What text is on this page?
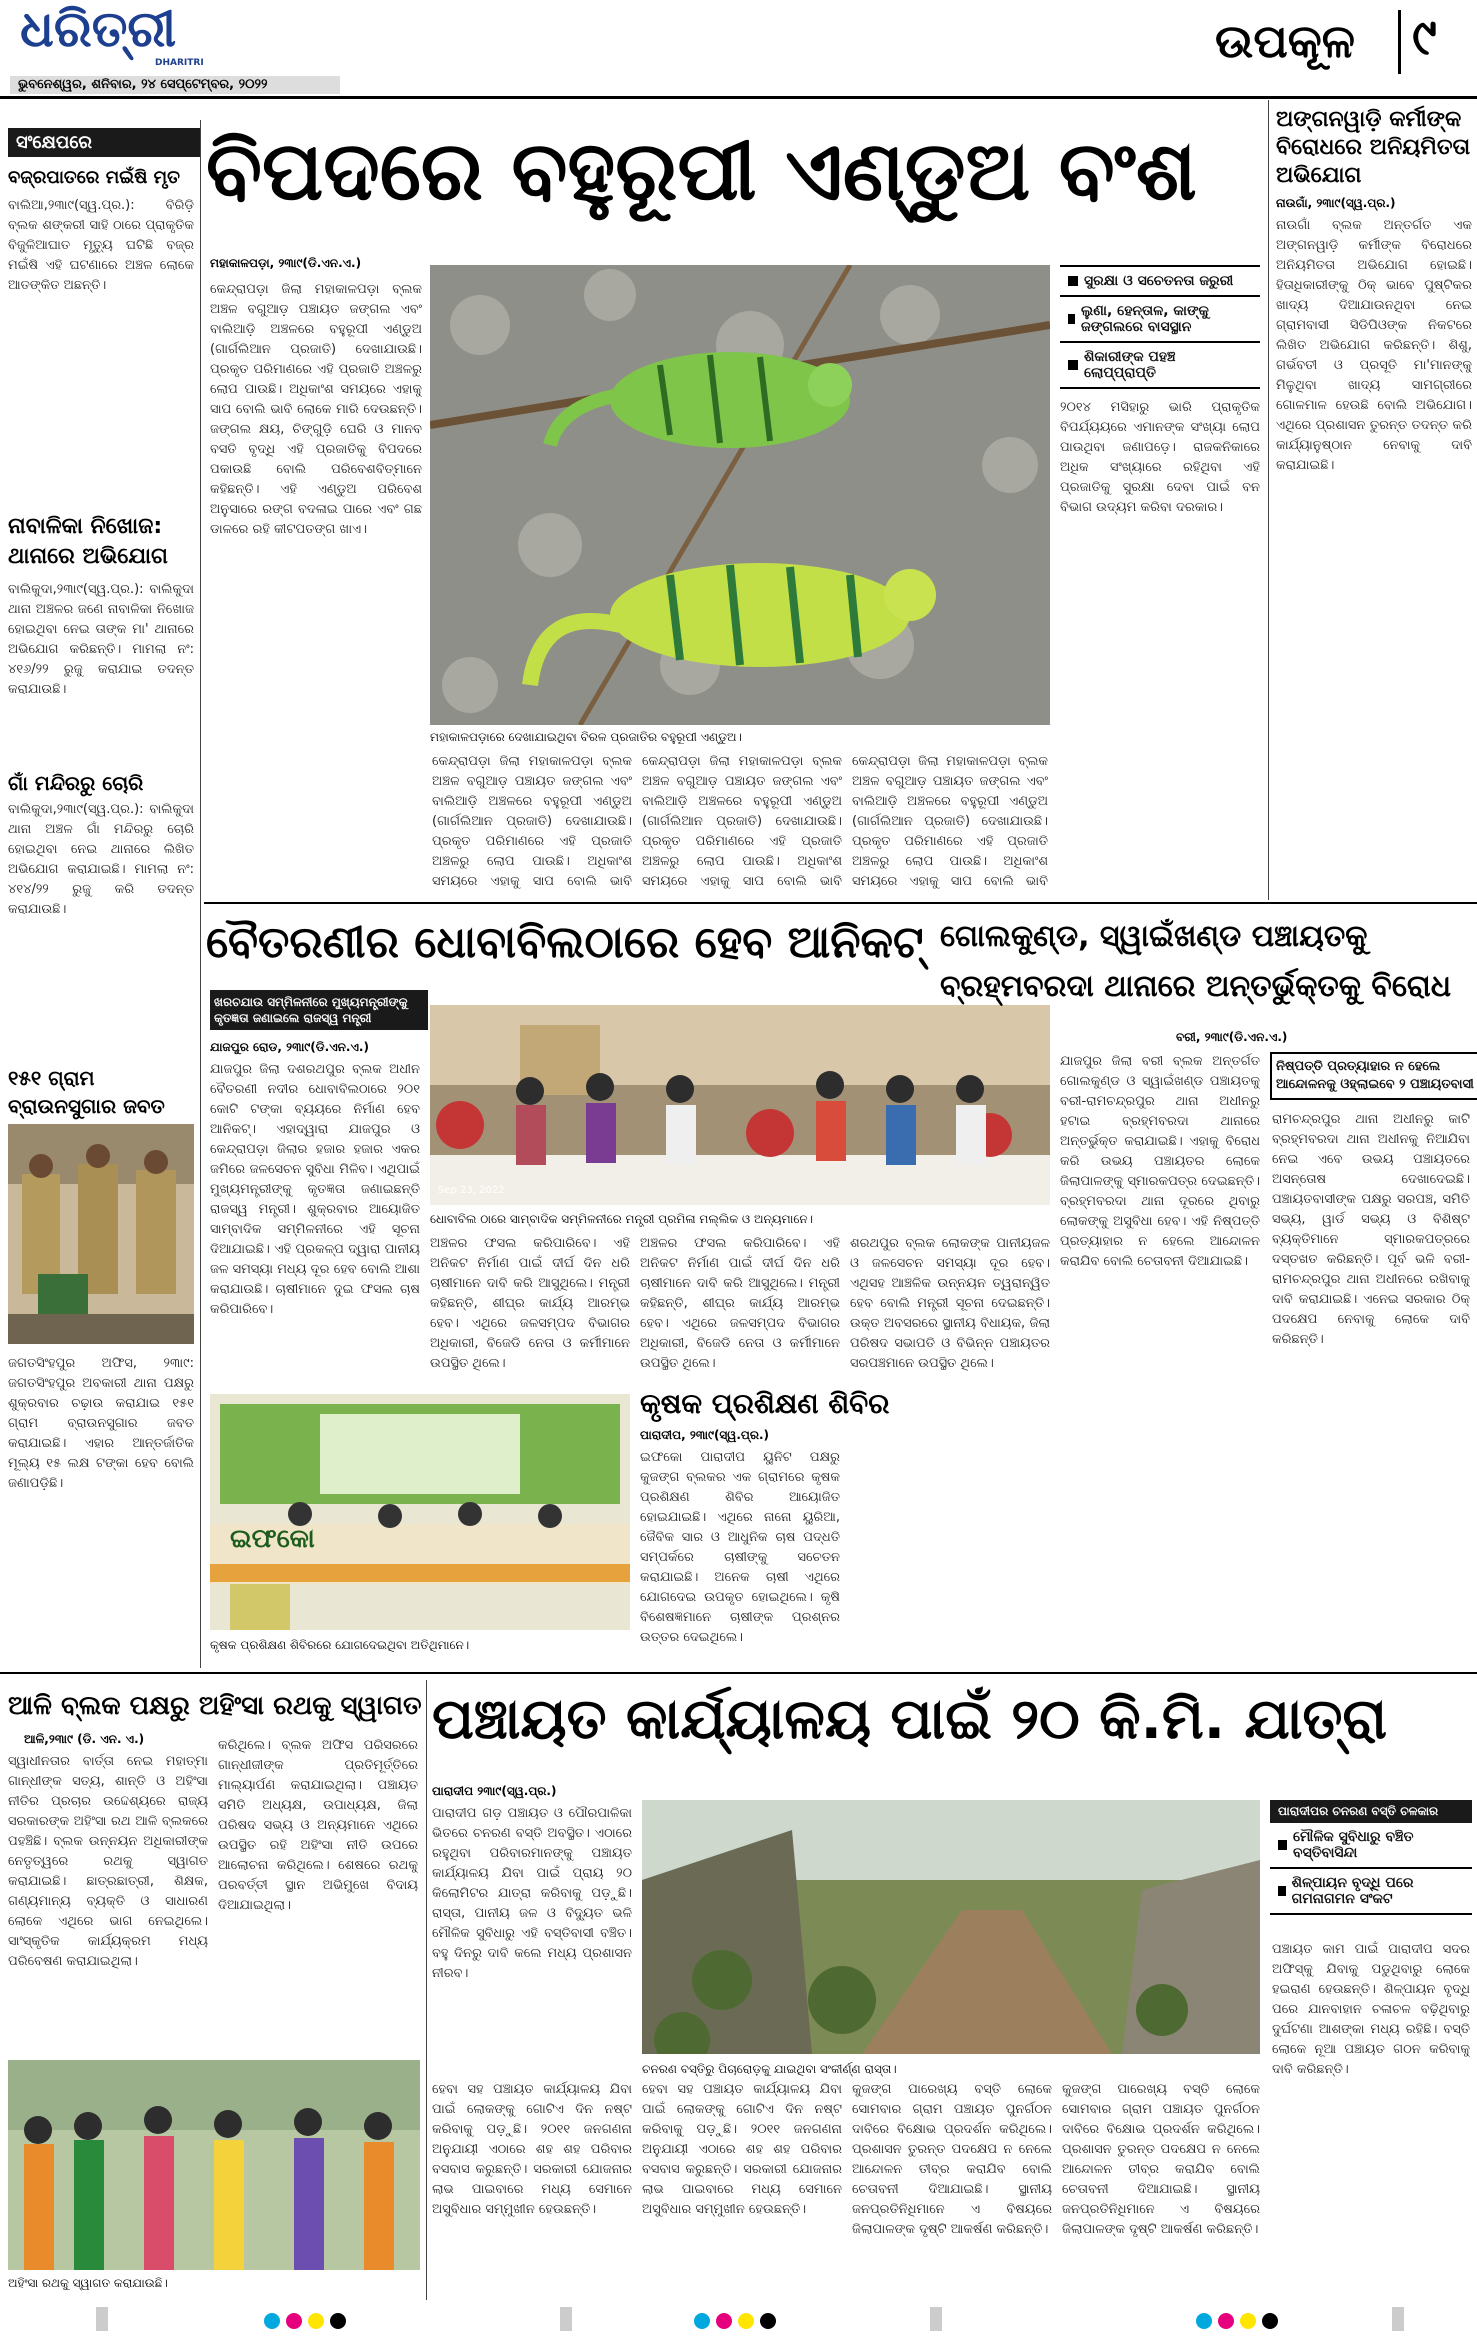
ଧରିତ୍ରୀ
DHARITRI
ଭୁବନେଶ୍ୱର, ଶନିବାର, ୨୪ ସେପ୍ଟେମ୍ବର, ୨୦୨୨
ଉପକୂଳ ୯
ସଂକ୍ଷେପରେ
ବଜ୍ରପାତରେ ମଇଁଷି ମୃତ
ବାଲିଆ,୨୩ା୯(ସ୍ୱ.ପ୍ର.): ବିରିଡ଼ି ବ୍ଲକ ଶଙ୍କରୀ ସାହି ଠାରେ ପ୍ରାକୃତିକ ବିଜୁଳିଆଘାତ ମୃତ୍ୟୁ ଘଟିଛି ବଜ୍ର ମଇଁଷି ଏହି ଘଟଣାରେ ଅଞ୍ଚଳ ଲୋକେ ଆତଙ୍କିତ ଅଛନ୍ତି।
ନାବାଳିକା ନିଖୋଜ: ଥାନାରେ ଅଭିଯୋଗ
ବାଲିକୁଦା,୨୩ା୯(ସ୍ୱ.ପ୍ର.): ବାଲିକୁଦା ଥାନା ଅଞ୍ଚଳର ଜଣେ ନାବାଳିକା ନିଖୋଜ ହୋଇଥିବା ନେଇ ତାଙ୍କ ମା' ଥାନାରେ ଅଭିଯୋଗ କରିଛନ୍ତି। ମାମଲା ନଂ: ୪୧୬/୨୨ ରୁଜୁ କରାଯାଇ ତଦନ୍ତ କରାଯାଉଛି।
ଗାଁ ମନ୍ଦିରରୁ ଚୋରି
ବାଲିକୁଦା,୨୩ା୯(ସ୍ୱ.ପ୍ର.): ବାଲିକୁଦା ଥାନା ଅଞ୍ଚଳ ଗାଁ ମନ୍ଦିରରୁ ଚୋରି ହୋଇଥିବା ନେଇ ଥାନାରେ ଲିଖିତ ଅଭିଯୋଗ କରାଯାଇଛି। ମାମଲା ନଂ: ୪୧୪/୨୨ ରୁଜୁ କରି ତଦନ୍ତ କରାଯାଉଛି।
୧୫୧ ଗ୍ରାମ ବ୍ରାଉନସୁଗାର ଜବତ
ଜଗତସିଂହପୁର ଅଫିସ, ୨୩ା୯: ଜଗତସିଂହପୁର ଅବକାରୀ ଥାନା ପକ୍ଷରୁ ଶୁକ୍ରବାର ଚଢ଼ାଉ କରାଯାଇ ୧୫୧ ଗ୍ରାମ ବ୍ରାଉନସୁଗାର ଜବତ କରାଯାଇଛି। ଏହାର ଆନ୍ତର୍ଜାତିକ ମୂଲ୍ୟ ୧୫ ଲକ୍ଷ ଟଙ୍କା ହେବ ବୋଲି ଜଣାପଡ଼ିଛି।
ବିପଦରେ ବହୁରୂପୀ ଏଣ୍ଡୁଅ ବଂଶ
ମହାକାଳପଡ଼ା, ୨୩ା୯(ଡି.ଏନ.ଏ.)
ମହାକାଳପଡ଼ାରେ ଦେଖାଯାଇଥିବା ବିରଳ ପ୍ରଜାତିର ବହୁରୂପୀ ଏଣ୍ଡୁଅ।
କେନ୍ଦ୍ରାପଡ଼ା ଜିଲା ମହାକାଳପଡ଼ା ବ୍ଲକ ଅଞ୍ଚଳ ବଗୁଆଡ଼ ପଞ୍ଚାୟତ ଜଙ୍ଗଲ ଏବଂ ବାଲିଆଡ଼ି ଅଞ୍ଚଳରେ ବହୁରୂପୀ ଏଣ୍ଡୁଅ (ଗାର୍ଗଲିଆନ ପ୍ରଜାତି) ଦେଖାଯାଉଛି। ପ୍ରକୃତ ପରିମାଣରେ ଏହି ପ୍ରଜାତି ଅଞ୍ଚଳରୁ ଲୋପ ପାଉଛି। ଅଧିକାଂଶ ସମୟରେ ଏହାକୁ ସାପ ବୋଲି ଭାବି ଲୋକେ ମାରି ଦେଉଛନ୍ତି। ଜଙ୍ଗଲ କ୍ଷୟ, ଚିଙ୍ଗୁଡ଼ି ଘେରି ଓ ମାନବ ବସତି ବୃଦ୍ଧି ଏହି ପ୍ରଜାତିକୁ ବିପଦରେ ପକାଉଛି ବୋଲି ପରିବେଶବିତ୍‌ମାନେ କହିଛନ୍ତି। ଏହି ଏଣ୍ଡୁଅ ପରିବେଶ ଅନୁସାରେ ରଙ୍ଗ ବଦଳାଇ ପାରେ ଏବଂ ଗଛ ଡାଳରେ ରହି କୀଟପତଙ୍ଗ ଖାଏ।
କେନ୍ଦ୍ରାପଡ଼ା ଜିଲା ମହାକାଳପଡ଼ା ବ୍ଲକ ଅଞ୍ଚଳ ବଗୁଆଡ଼ ପଞ୍ଚାୟତ ଜଙ୍ଗଲ ଏବଂ ବାଲିଆଡ଼ି ଅଞ୍ଚଳରେ ବହୁରୂପୀ ଏଣ୍ଡୁଅ (ଗାର୍ଗଲିଆନ ପ୍ରଜାତି) ଦେଖାଯାଉଛି। ପ୍ରକୃତ ପରିମାଣରେ ଏହି ପ୍ରଜାତି ଅଞ୍ଚଳରୁ ଲୋପ ପାଉଛି। ଅଧିକାଂଶ ସମୟରେ ଏହାକୁ ସାପ ବୋଲି ଭାବି
କେନ୍ଦ୍ରାପଡ଼ା ଜିଲା ମହାକାଳପଡ଼ା ବ୍ଲକ ଅଞ୍ଚଳ ବଗୁଆଡ଼ ପଞ୍ଚାୟତ ଜଙ୍ଗଲ ଏବଂ ବାଲିଆଡ଼ି ଅଞ୍ଚଳରେ ବହୁରୂପୀ ଏଣ୍ଡୁଅ (ଗାର୍ଗଲିଆନ ପ୍ରଜାତି) ଦେଖାଯାଉଛି। ପ୍ରକୃତ ପରିମାଣରେ ଏହି ପ୍ରଜାତି ଅଞ୍ଚଳରୁ ଲୋପ ପାଉଛି। ଅଧିକାଂଶ ସମୟରେ ଏହାକୁ ସାପ ବୋଲି ଭାବି
କେନ୍ଦ୍ରାପଡ଼ା ଜିଲା ମହାକାଳପଡ଼ା ବ୍ଲକ ଅଞ୍ଚଳ ବଗୁଆଡ଼ ପଞ୍ଚାୟତ ଜଙ୍ଗଲ ଏବଂ ବାଲିଆଡ଼ି ଅଞ୍ଚଳରେ ବହୁରୂପୀ ଏଣ୍ଡୁଅ (ଗାର୍ଗଲିଆନ ପ୍ରଜାତି) ଦେଖାଯାଉଛି। ପ୍ରକୃତ ପରିମାଣରେ ଏହି ପ୍ରଜାତି ଅଞ୍ଚଳରୁ ଲୋପ ପାଉଛି। ଅଧିକାଂଶ ସମୟରେ ଏହାକୁ ସାପ ବୋଲି ଭାବି
ସୁରକ୍ଷା ଓ ସଚେତନତା ଜରୁରୀ
ଲୁଣା, ହେନ୍ତାଳ, କାଙ୍କୁ ଜଙ୍ଗଲରେ ବାସସ୍ଥାନ
ଶିକାରୀଙ୍କ ପହଞ୍ଚ ଲୋପ୍‌ପ୍ରାପ୍ତି
୨୦୧୪ ମସିହାରୁ ଭାରି ପ୍ରାକୃତିକ ବିପର୍ଯ୍ୟୟରେ ଏମାନଙ୍କ ସଂଖ୍ୟା ଲୋପ ପାଉଥିବା ଜଣାପଡ଼େ। ରାଜକନିକାରେ ଅଧିକ ସଂଖ୍ୟାରେ ରହିଥିବା ଏହି ପ୍ରଜାତିକୁ ସୁରକ୍ଷା ଦେବା ପାଇଁ ବନ ବିଭାଗ ଉଦ୍ୟମ କରିବା ଦରକାର।
ଅଙ୍ଗନୱାଡ଼ି କର୍ମୀଙ୍କ ବିରୋଧରେ ଅନିୟମିତତା ଅଭିଯୋଗ
ନାଉଗାଁ, ୨୩ା୯(ସ୍ୱ.ପ୍ର.)
ନାଉଗାଁ ବ୍ଲକ ଅନ୍ତର୍ଗତ ଏକ ଅଙ୍ଗନୱାଡ଼ି କର୍ମୀଙ୍କ ବିରୋଧରେ ଅନିୟମିତତା ଅଭିଯୋଗ ହୋଇଛି। ହିତାଧିକାରୀଙ୍କୁ ଠିକ୍‌ ଭାବେ ପୁଷ୍ଟିକର ଖାଦ୍ୟ ଦିଆଯାଉନଥିବା ନେଇ ଗ୍ରାମବାସୀ ସିଡିପିଓଙ୍କ ନିକଟରେ ଲିଖିତ ଅଭିଯୋଗ କରିଛନ୍ତି। ଶିଶୁ, ଗର୍ଭବତୀ ଓ ପ୍ରସୂତି ମା'ମାନଙ୍କୁ ମିଳୁଥିବା ଖାଦ୍ୟ ସାମଗ୍ରୀରେ ଗୋଳମାଳ ହେଉଛି ବୋଲି ଅଭିଯୋଗ। ଏଥିରେ ପ୍ରଶାସନ ତୁରନ୍ତ ତଦନ୍ତ କରି କାର୍ଯ୍ୟାନୁଷ୍ଠାନ ନେବାକୁ ଦାବି କରାଯାଇଛି।
ବୈତରଣୀର ଧୋବାବିଲଠାରେ ହେବ ଆନିକଟ୍‌
ଖରଚଯାଉ ସମ୍ମିଳନୀରେ ମୁଖ୍ୟମନ୍ତ୍ରୀଙ୍କୁ କୃତଜ୍ଞତା ଜଣାଇଲେ ରାଜସ୍ୱ ମନ୍ତ୍ରୀ
ଯାଜପୁର ରୋଡ, ୨୩ା୯(ଡି.ଏନ.ଏ.)
ଯାଜପୁର ଜିଲା ଦଶରଥପୁର ବ୍ଲକ ଅଧୀନ ବୈତରଣୀ ନଦୀର ଧୋବାବିଲଠାରେ ୨୦୧ କୋଟି ଟଙ୍କା ବ୍ୟୟରେ ନିର୍ମାଣ ହେବ ଆନିକଟ୍‌। ଏହାଦ୍ୱାରା ଯାଜପୁର ଓ କେନ୍ଦ୍ରାପଡ଼ା ଜିଲାର ହଜାର ହଜାର ଏକର ଜମିରେ ଜଳସେଚନ ସୁବିଧା ମିଳିବ। ଏଥିପାଇଁ ମୁଖ୍ୟମନ୍ତ୍ରୀଙ୍କୁ କୃତଜ୍ଞତା ଜଣାଇଛନ୍ତି ରାଜସ୍ୱ ମନ୍ତ୍ରୀ। ଶୁକ୍ରବାର ଆୟୋଜିତ ସାମ୍ବାଦିକ ସମ୍ମିଳନୀରେ ଏହି ସୂଚନା ଦିଆଯାଇଛି। ଏହି ପ୍ରକଳ୍ପ ଦ୍ୱାରା ପାନୀୟ ଜଳ ସମସ୍ୟା ମଧ୍ୟ ଦୂର ହେବ ବୋଲି ଆଶା କରାଯାଉଛି। ଚାଷୀମାନେ ଦୁଇ ଫସଲ ଚାଷ କରିପାରିବେ।
Sep 23, 2022
ଧୋବାବିଲ ଠାରେ ସାମ୍ବାଦିକ ସମ୍ମିଳନୀରେ ମନ୍ତ୍ରୀ ପ୍ରମିଳା ମଲ୍ଲିକ ଓ ଅନ୍ୟମାନେ।
ଅଞ୍ଚଳର ଫସଲ କରିପାରିବେ। ଏହି ଅନିକଟ ନିର୍ମାଣ ପାଇଁ ଦୀର୍ଘ ଦିନ ଧରି ଚାଷୀମାନେ ଦାବି କରି ଆସୁଥିଲେ। ମନ୍ତ୍ରୀ କହିଛନ୍ତି, ଶୀଘ୍ର କାର୍ଯ୍ୟ ଆରମ୍ଭ ହେବ। ଏଥିରେ ଜଳସମ୍ପଦ ବିଭାଗର ଅଧିକାରୀ, ବିଜେଡି ନେତା ଓ କର୍ମୀମାନେ ଉପସ୍ଥିତ ଥିଲେ।
ଅଞ୍ଚଳର ଫସଲ କରିପାରିବେ। ଏହି ଅନିକଟ ନିର୍ମାଣ ପାଇଁ ଦୀର୍ଘ ଦିନ ଧରି ଚାଷୀମାନେ ଦାବି କରି ଆସୁଥିଲେ। ମନ୍ତ୍ରୀ କହିଛନ୍ତି, ଶୀଘ୍ର କାର୍ଯ୍ୟ ଆରମ୍ଭ ହେବ। ଏଥିରେ ଜଳସମ୍ପଦ ବିଭାଗର ଅଧିକାରୀ, ବିଜେଡି ନେତା ଓ କର୍ମୀମାନେ ଉପସ୍ଥିତ ଥିଲେ।
ଶରଥପୁର ବ୍ଲକ ଲୋକଙ୍କ ପାନୀୟଜଳ ଓ ଜଳସେଚନ ସମସ୍ୟା ଦୂର ହେବ। ଏଥିସହ ଆଞ୍ଚଳିକ ଉନ୍ନୟନ ତ୍ୱରାନ୍ୱିତ ହେବ ବୋଲି ମନ୍ତ୍ରୀ ସୂଚନା ଦେଇଛନ୍ତି। ଉକ୍ତ ଅବସରରେ ସ୍ଥାନୀୟ ବିଧାୟକ, ଜିଲା ପରିଷଦ ସଭାପତି ଓ ବିଭିନ୍ନ ପଞ୍ଚାୟତର ସରପଞ୍ଚମାନେ ଉପସ୍ଥିତ ଥିଲେ।
ଗୋଲକୁଣ୍ଡ, ସ୍ୱାଇଁଖଣ୍ଡ ପଞ୍ଚାୟତକୁ ବ୍ରହ୍ମବରଦା ଥାନାରେ ଅନ୍ତର୍ଭୁକ୍ତକୁ ବିରୋଧ
ବରୀ, ୨୩ା୯(ଡି.ଏନ.ଏ.)
ଯାଜପୁର ଜିଲା ବରୀ ବ୍ଲକ ଅନ୍ତର୍ଗତ ଗୋଲକୁଣ୍ଡ ଓ ସ୍ୱାଇଁଖଣ୍ଡ ପଞ୍ଚାୟତକୁ ବରୀ-ରାମଚନ୍ଦ୍ରପୁର ଥାନା ଅଧୀନରୁ ହଟାଇ ବ୍ରହ୍ମବରଦା ଥାନାରେ ଅନ୍ତର୍ଭୁକ୍ତ କରାଯାଇଛି। ଏହାକୁ ବିରୋଧ କରି ଉଭୟ ପଞ୍ଚାୟତର ଲୋକେ ଜିଲାପାଳଙ୍କୁ ସ୍ମାରକପତ୍ର ଦେଇଛନ୍ତି। ବ୍ରହ୍ମବରଦା ଥାନା ଦୂରରେ ଥିବାରୁ ଲୋକଙ୍କୁ ଅସୁବିଧା ହେବ। ଏହି ନିଷ୍ପତ୍ତି ପ୍ରତ୍ୟାହାର ନ ହେଲେ ଆନ୍ଦୋଳନ କରାଯିବ ବୋଲି ଚେତାବନୀ ଦିଆଯାଇଛି।
ନିଷ୍ପତ୍ତି ପ୍ରତ୍ୟାହାର ନ ହେଲେ ଆନ୍ଦୋଳନକୁ ଓହ୍ଲାଇବେ ୨ ପଞ୍ଚାୟତବାସୀ
ରାମଚନ୍ଦ୍ରପୁର ଥାନା ଅଧୀନରୁ କାଟି ବ୍ରହ୍ମବରଦା ଥାନା ଅଧୀନକୁ ନିଆଯିବା ନେଇ ଏବେ ଉଭୟ ପଞ୍ଚାୟତରେ ଅସନ୍ତୋଷ ଦେଖାଦେଇଛି। ପଞ୍ଚାୟତବାସୀଙ୍କ ପକ୍ଷରୁ ସରପଞ୍ଚ, ସମିତି ସଭ୍ୟ, ୱାର୍ଡ ସଭ୍ୟ ଓ ବିଶିଷ୍ଟ ବ୍ୟକ୍ତିମାନେ ସ୍ମାରକପତ୍ରରେ ଦସ୍ତଖତ କରିଛନ୍ତି। ପୂର୍ବ ଭଳି ବରୀ-ରାମଚନ୍ଦ୍ରପୁର ଥାନା ଅଧୀନରେ ରଖିବାକୁ ଦାବି କରାଯାଇଛି। ଏନେଇ ସରକାର ଠିକ୍‌ ପଦକ୍ଷେପ ନେବାକୁ ଲୋକେ ଦାବି କରିଛନ୍ତି।
ଇଫକୋ
କୃଷକ ପ୍ରଶିକ୍ଷଣ ଶିବିରରେ ଯୋଗଦେଇଥିବା ଅତିଥିମାନେ।
କୃଷକ ପ୍ରଶିକ୍ଷଣ ଶିବିର
ପାରାଦୀପ, ୨୩ା୯(ସ୍ୱ.ପ୍ର.)
ଇଫକୋ ପାରାଦୀପ ୟୁନିଟ ପକ୍ଷରୁ କୁଜଙ୍ଗ ବ୍ଲକର ଏକ ଗ୍ରାମରେ କୃଷକ ପ୍ରଶିକ୍ଷଣ ଶିବିର ଆୟୋଜିତ ହୋଇଯାଇଛି। ଏଥିରେ ନାନୋ ୟୁରିଆ, ଜୈବିକ ସାର ଓ ଆଧୁନିକ ଚାଷ ପଦ୍ଧତି ସମ୍ପର୍କରେ ଚାଷୀଙ୍କୁ ସଚେତନ କରାଯାଇଛି। ଅନେକ ଚାଷୀ ଏଥିରେ ଯୋଗଦେଇ ଉପକୃତ ହୋଇଥିଲେ। କୃଷି ବିଶେଷଜ୍ଞମାନେ ଚାଷୀଙ୍କ ପ୍ରଶ୍ନର ଉତ୍ତର ଦେଇଥିଲେ।
ଆଳି ବ୍ଲକ ପକ୍ଷରୁ ଅହିଂସା ରଥକୁ ସ୍ୱାଗତ
ଆଳି,୨୩ା୯ (ଡି. ଏନ. ଏ.)
ସ୍ୱାଧୀନତାର ବାର୍ତ୍ତା ନେଇ ମହାତ୍ମା ଗାନ୍ଧୀଙ୍କ ସତ୍ୟ, ଶାନ୍ତି ଓ ଅହିଂସା ନୀତିର ପ୍ରଚାର ଉଦ୍ଦେଶ୍ୟରେ ରାଜ୍ୟ ସରକାରଙ୍କ ଅହିଂସା ରଥ ଆଳି ବ୍ଲକରେ ପହଞ୍ଚିଛି। ବ୍ଲକ ଉନ୍ନୟନ ଅଧିକାରୀଙ୍କ ନେତୃତ୍ୱରେ ରଥକୁ ସ୍ୱାଗତ କରାଯାଇଛି। ଛାତ୍ରଛାତ୍ରୀ, ଶିକ୍ଷକ, ଗଣ୍ୟମାନ୍ୟ ବ୍ୟକ୍ତି ଓ ସାଧାରଣ ଲୋକେ ଏଥିରେ ଭାଗ ନେଇଥିଲେ। ସାଂସ୍କୃତିକ କାର୍ଯ୍ୟକ୍ରମ ମଧ୍ୟ ପରିବେଷଣ କରାଯାଇଥିଲା।
କରିଥିଲେ। ବ୍ଲକ ଅଫିସ ପରିସରରେ ଗାନ୍ଧୀଜୀଙ୍କ ପ୍ରତିମୂର୍ତ୍ତିରେ ମାଲ୍ୟାର୍ପଣ କରାଯାଇଥିଲା। ପଞ୍ଚାୟତ ସମିତି ଅଧ୍ୟକ୍ଷ, ଉପାଧ୍ୟକ୍ଷ, ଜିଲା ପରିଷଦ ସଭ୍ୟ ଓ ଅନ୍ୟମାନେ ଏଥିରେ ଉପସ୍ଥିତ ରହି ଅହିଂସା ନୀତି ଉପରେ ଆଲୋଚନା କରିଥିଲେ। ଶେଷରେ ରଥକୁ ପରବର୍ତ୍ତୀ ସ୍ଥାନ ଅଭିମୁଖେ ବିଦାୟ ଦିଆଯାଇଥିଲା।
ଅହିଂସା ରଥକୁ ସ୍ୱାଗତ କରାଯାଉଛି।
ପଞ୍ଚାୟତ କାର୍ଯ୍ୟାଳୟ ପାଇଁ ୨୦ କି.ମି. ଯାତ୍ରା
ପାରାଦୀପ ୨୩ା୯(ସ୍ୱ.ପ୍ର.)
ପାରାଦୀପ ଗଡ଼ ପଞ୍ଚାୟତ ଓ ପୌରପାଳିକା ଭିତରେ ଚନରଣ ବସ୍ତି ଅବସ୍ଥିତ। ଏଠାରେ ରହୁଥିବା ପରିବାରମାନଙ୍କୁ ପଞ୍ଚାୟତ କାର୍ଯ୍ୟାଳୟ ଯିବା ପାଇଁ ପ୍ରାୟ ୨୦ କିଲୋମିଟର ଯାତ୍ରା କରିବାକୁ ପଡ଼ୁଛି। ରାସ୍ତା, ପାନୀୟ ଜଳ ଓ ବିଦ୍ୟୁତ ଭଳି ମୌଳିକ ସୁବିଧାରୁ ଏହି ବସ୍ତିବାସୀ ବଞ୍ଚିତ। ବହୁ ଦିନରୁ ଦାବି କଲେ ମଧ୍ୟ ପ୍ରଶାସନ ନୀରବ।
ଚନରଣ ବସ୍ତିରୁ ପିଚାରୋଡ଼କୁ ଯାଇଥିବା ସଂକୀର୍ଣ୍ଣ ରାସ୍ତା।
ହେବା ସହ ପଞ୍ଚାୟତ କାର୍ଯ୍ୟାଳୟ ଯିବା ପାଇଁ ଲୋକଙ୍କୁ ଗୋଟିଏ ଦିନ ନଷ୍ଟ କରିବାକୁ ପଡ଼ୁଛି। ୨୦୧୧ ଜନଗଣନା ଅନୁଯାୟୀ ଏଠାରେ ଶହ ଶହ ପରିବାର ବସବାସ କରୁଛନ୍ତି। ସରକାରୀ ଯୋଜନାର ଲାଭ ପାଇବାରେ ମଧ୍ୟ ସେମାନେ ଅସୁବିଧାର ସମ୍ମୁଖୀନ ହେଉଛନ୍ତି।
ହେବା ସହ ପଞ୍ଚାୟତ କାର୍ଯ୍ୟାଳୟ ଯିବା ପାଇଁ ଲୋକଙ୍କୁ ଗୋଟିଏ ଦିନ ନଷ୍ଟ କରିବାକୁ ପଡ଼ୁଛି। ୨୦୧୧ ଜନଗଣନା ଅନୁଯାୟୀ ଏଠାରେ ଶହ ଶହ ପରିବାର ବସବାସ କରୁଛନ୍ତି। ସରକାରୀ ଯୋଜନାର ଲାଭ ପାଇବାରେ ମଧ୍ୟ ସେମାନେ ଅସୁବିଧାର ସମ୍ମୁଖୀନ ହେଉଛନ୍ତି।
କୁଜଙ୍ଗ ପାରେଖ୍ୟ ବସ୍ତି ଲୋକେ ସୋମବାର ଗ୍ରାମ ପଞ୍ଚାୟତ ପୁନର୍ଗଠନ ଦାବିରେ ବିକ୍ଷୋଭ ପ୍ରଦର୍ଶନ କରିଥିଲେ। ପ୍ରଶାସନ ତୁରନ୍ତ ପଦକ୍ଷେପ ନ ନେଲେ ଆନ୍ଦୋଳନ ତୀବ୍ର କରାଯିବ ବୋଲି ଚେତାବନୀ ଦିଆଯାଇଛି। ସ୍ଥାନୀୟ ଜନପ୍ରତିନିଧିମାନେ ଏ ବିଷୟରେ ଜିଲାପାଳଙ୍କ ଦୃଷ୍ଟି ଆକର୍ଷଣ କରିଛନ୍ତି।
କୁଜଙ୍ଗ ପାରେଖ୍ୟ ବସ୍ତି ଲୋକେ ସୋମବାର ଗ୍ରାମ ପଞ୍ଚାୟତ ପୁନର୍ଗଠନ ଦାବିରେ ବିକ୍ଷୋଭ ପ୍ରଦର୍ଶନ କରିଥିଲେ। ପ୍ରଶାସନ ତୁରନ୍ତ ପଦକ୍ଷେପ ନ ନେଲେ ଆନ୍ଦୋଳନ ତୀବ୍ର କରାଯିବ ବୋଲି ଚେତାବନୀ ଦିଆଯାଇଛି। ସ୍ଥାନୀୟ ଜନପ୍ରତିନିଧିମାନେ ଏ ବିଷୟରେ ଜିଲାପାଳଙ୍କ ଦୃଷ୍ଟି ଆକର୍ଷଣ କରିଛନ୍ତି।
ପାରାଦୀପର ଚନରଣ ବସ୍ତି ଚଳକାର
ମୌଳିକ ସୁବିଧାରୁ ବଞ୍ଚିତ ବସ୍ତିବାସିନ୍ଦା
ଶିଳ୍ପାୟନ ବୃଦ୍ଧି ପରେ ଗମନାଗମନ ସଂକଟ
ପଞ୍ଚାୟତ କାମ ପାଇଁ ପାରାଦୀପ ସଦର ଅଫିସ୍‌କୁ ଯିବାକୁ ପଡୁଥିବାରୁ ଲୋକେ ହଇରାଣ ହେଉଛନ୍ତି। ଶିଳ୍ପାୟନ ବୃଦ୍ଧି ପରେ ଯାନବାହାନ ଚଳାଚଳ ବଢ଼ିଥିବାରୁ ଦୁର୍ଘଟଣା ଆଶଙ୍କା ମଧ୍ୟ ରହିଛି। ବସ୍ତି ଲୋକେ ନୂଆ ପଞ୍ଚାୟତ ଗଠନ କରିବାକୁ ଦାବି କରିଛନ୍ତି।
